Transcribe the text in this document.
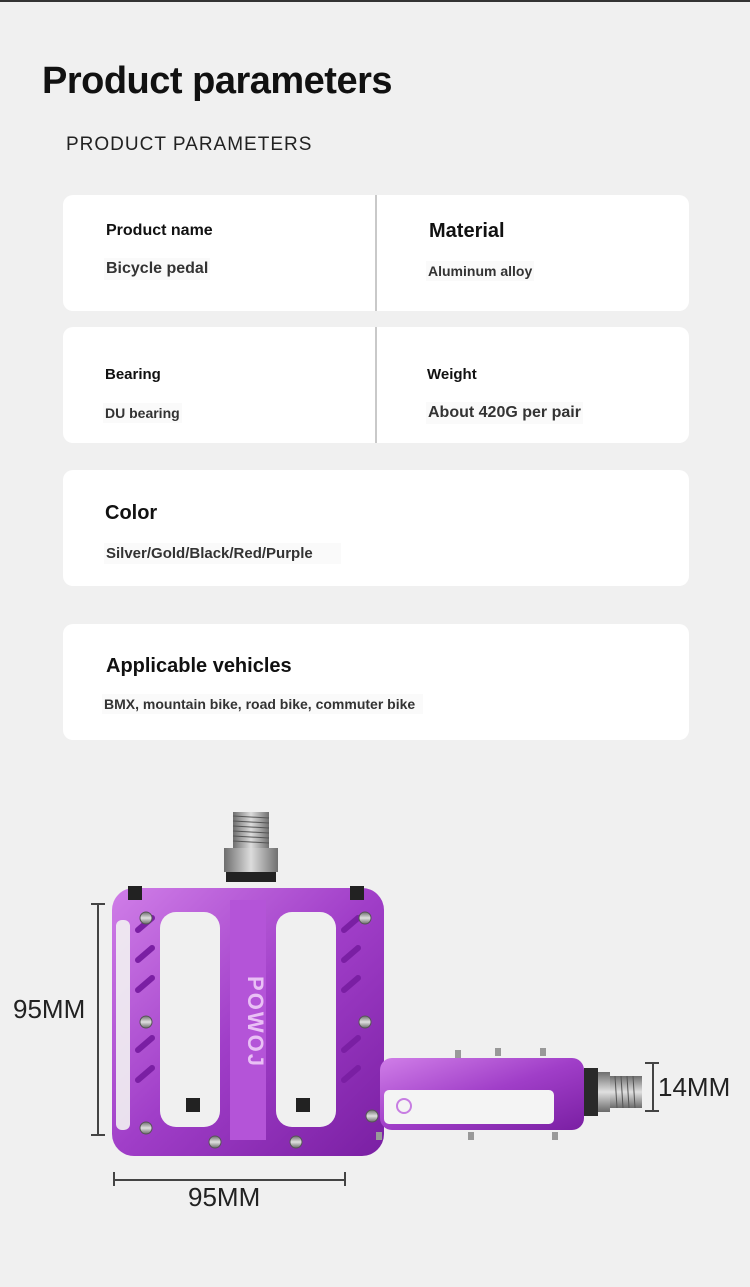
Product parameters
PRODUCT PARAMETERS
Product name
Bicycle pedal
Material
Aluminum alloy
Bearing
DU bearing
Weight
About 420G per pair
Color
Silver/Gold/Black/Red/Purple
Applicable vehicles
BMX, mountain bike, road bike, commuter bike
POWOJ
95MM
95MM
14MM
